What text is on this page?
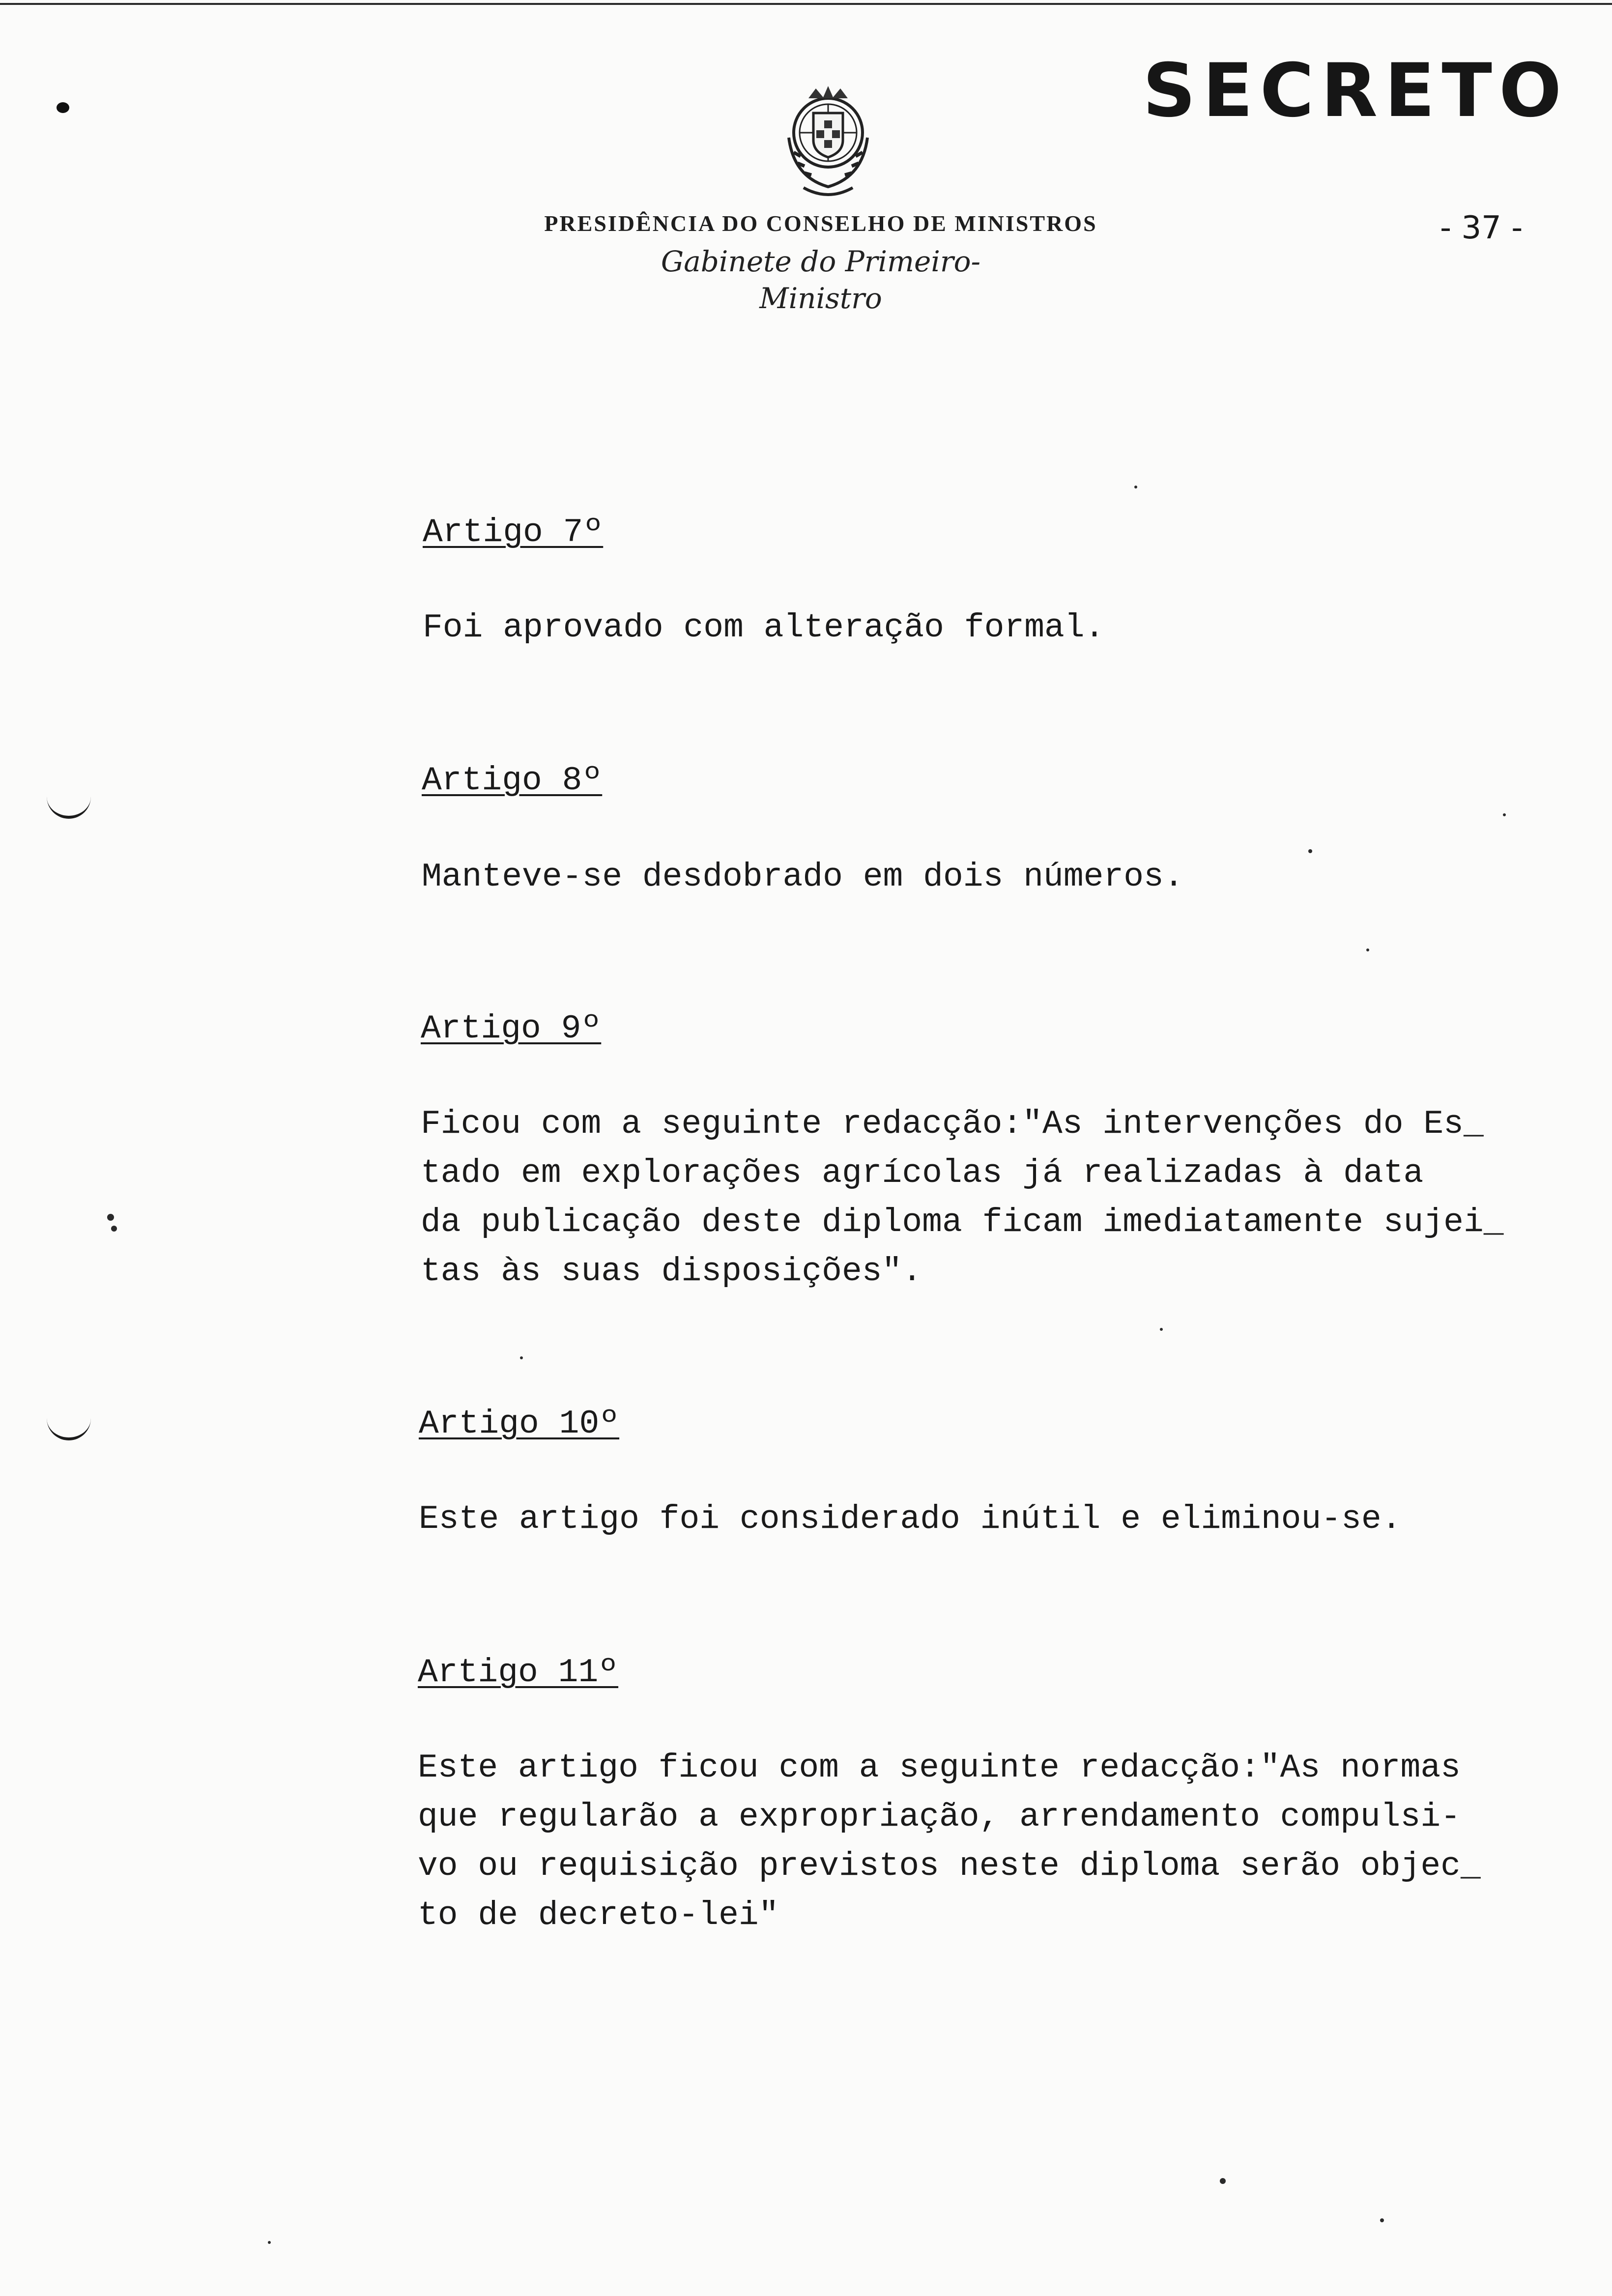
SECRETO
PRESIDÊNCIA DO CONSELHO DE MINISTROS
Gabinete do Primeiro-Ministro
- 37 -
Artigo 7º
Foi aprovado com alteração formal.
Artigo 8º
Manteve-se desdobrado em dois números.
Artigo 9º
Ficou com a seguinte redacção:"As intervenções do Es_
tado em explorações agrícolas já realizadas à data
da publicação deste diploma ficam imediatamente sujei_
tas às suas disposições".
Artigo 10º
Este artigo foi considerado inútil e eliminou-se.
Artigo 11º
Este artigo ficou com a seguinte redacção:"As normas
que regularão a expropriação, arrendamento compulsi-
vo ou requisição previstos neste diploma serão objec_
to de decreto-lei"
